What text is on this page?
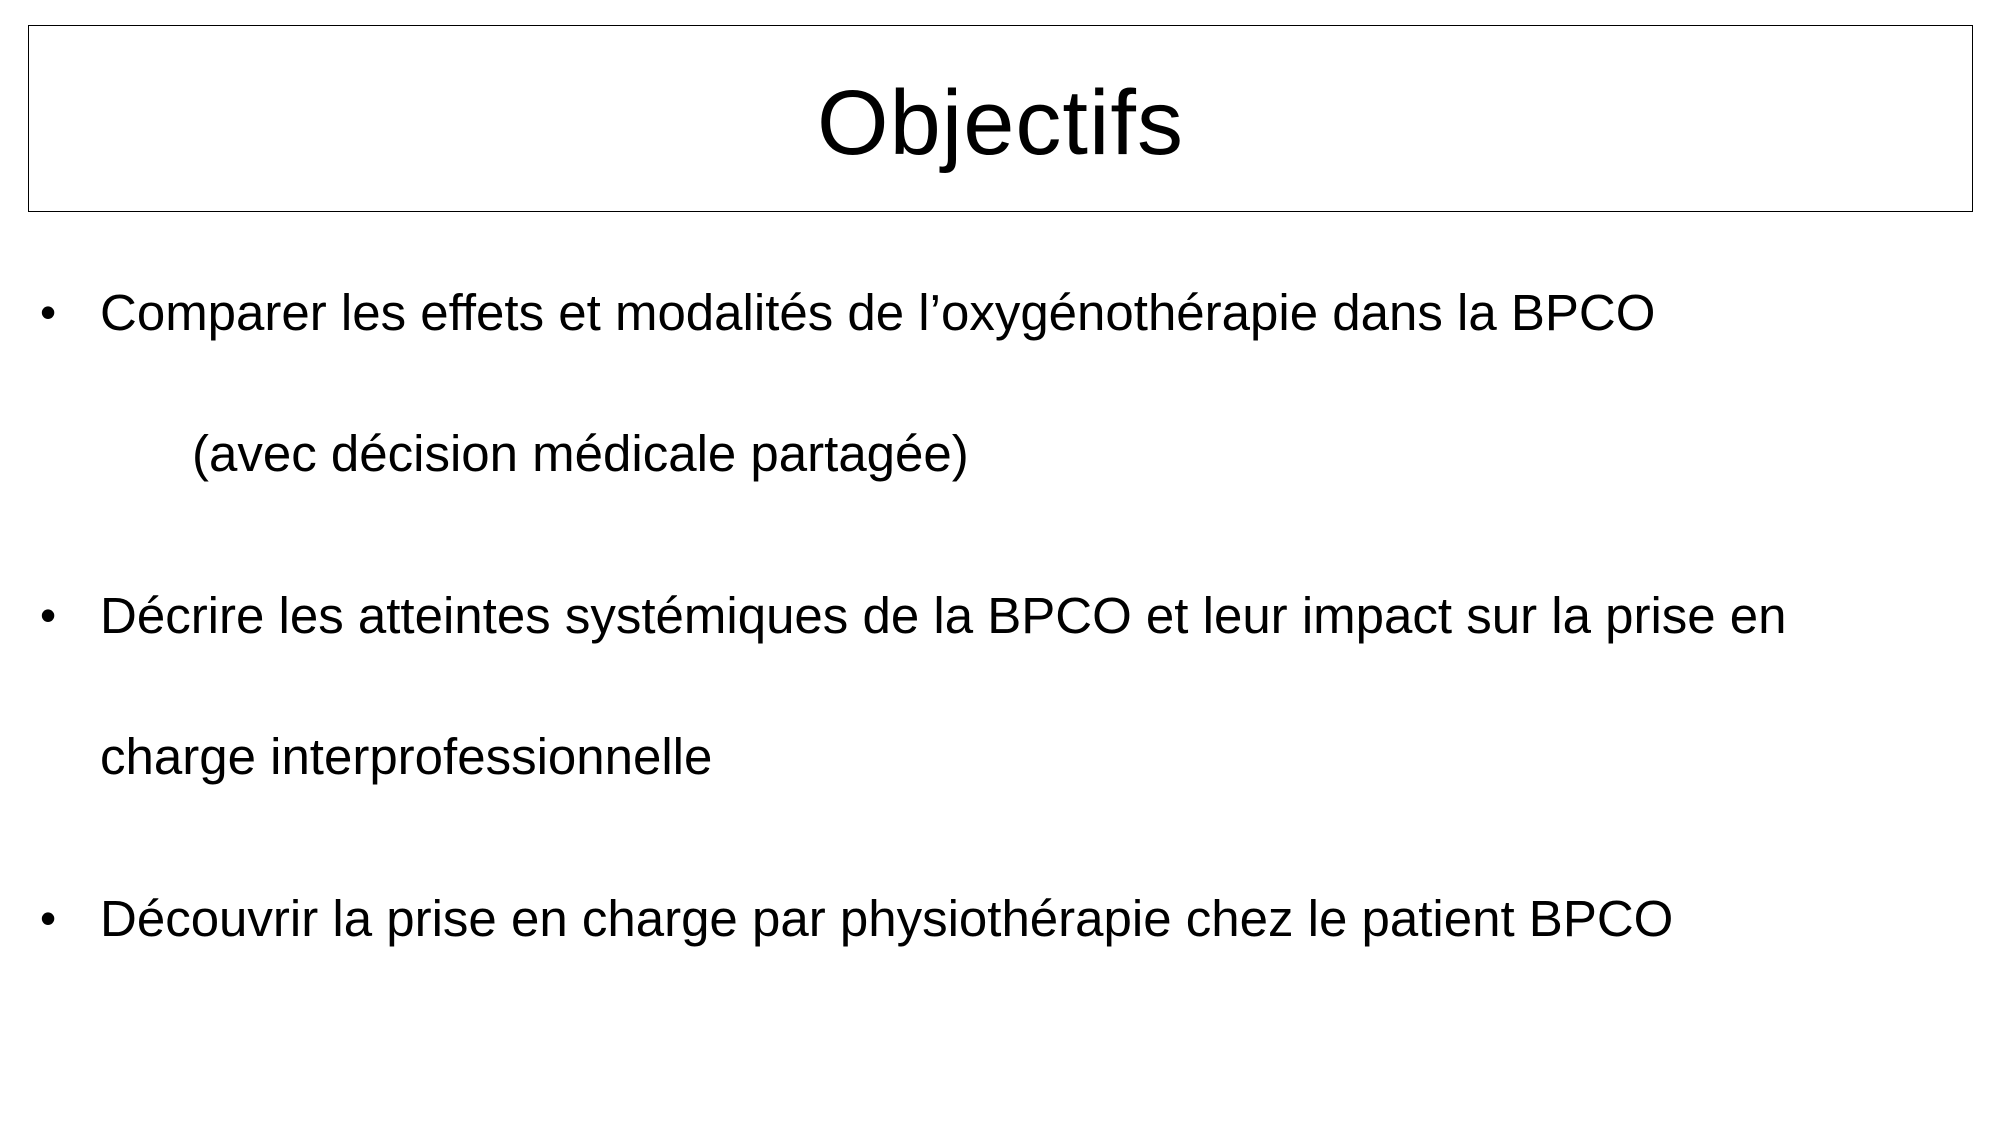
Objectifs
• Comparer les effets et modalités de l’oxygénothérapie dans la BPCO
(avec décision médicale partagée)
• Décrire les atteintes systémiques de la BPCO et leur impact sur la prise en
charge interprofessionnelle
• Découvrir la prise en charge par physiothérapie chez le patient BPCO
